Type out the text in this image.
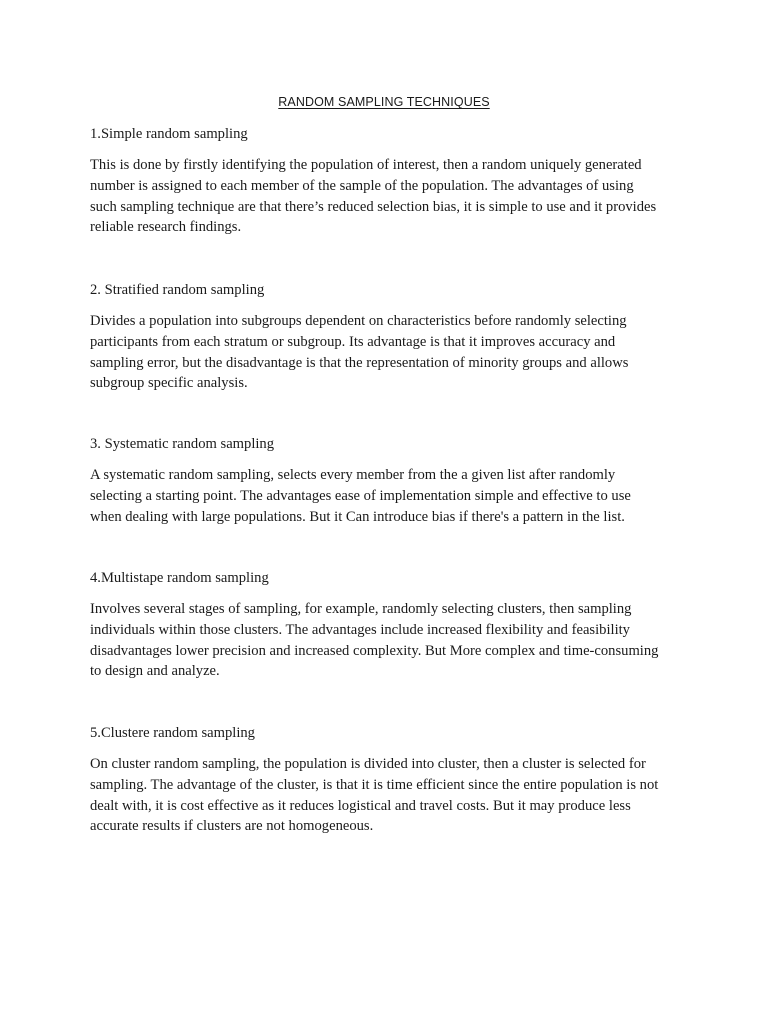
RANDOM SAMPLING TECHNIQUES

1.Simple random sampling

This is done by firstly identifying the population of interest, then a random uniquely generated
number is assigned to each member of the sample of the population. The advantages of using
such sampling technique are that there’s reduced selection bias, it is simple to use and it provides
reliable research findings.

2. Stratified random sampling

Divides a population into subgroups dependent on characteristics before randomly selecting
participants from each stratum or subgroup. Its advantage is that it improves accuracy and
sampling error, but the disadvantage is that the representation of minority groups and allows
subgroup specific analysis.

3. Systematic random sampling

A systematic random sampling, selects every member from the a given list after randomly
selecting a starting point. The advantages ease of implementation simple and effective to use
when dealing with large populations. But it Can introduce bias if there's a pattern in the list.

4.Multistape random sampling

Involves several stages of sampling, for example, randomly selecting clusters, then sampling
individuals within those clusters. The advantages include increased flexibility and feasibility
disadvantages lower precision and increased complexity. But More complex and time-consuming
to design and analyze.

5.Clustere random sampling

On cluster random sampling, the population is divided into cluster, then a cluster is selected for
sampling. The advantage of the cluster, is that it is time efficient since the entire population is not
dealt with, it is cost effective as it reduces logistical and travel costs. But it may produce less
accurate results if clusters are not homogeneous.
